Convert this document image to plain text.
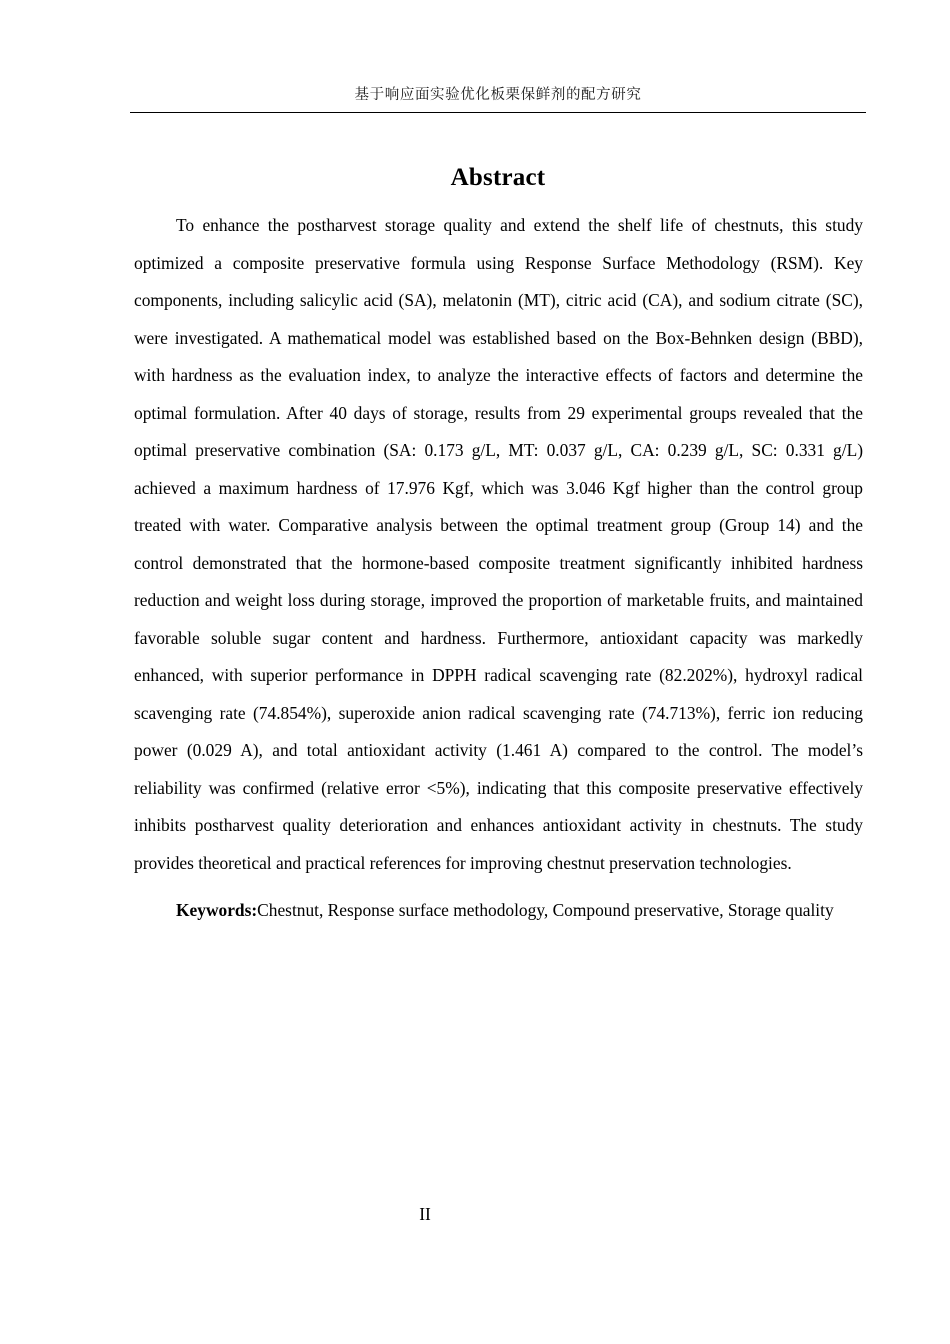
基于响应面实验优化板栗保鲜剂的配方研究
Abstract

To enhance the postharvest storage quality and extend the shelf life of chestnuts, this study optimized a composite preservative formula using Response Surface Methodology (RSM). Key components, including salicylic acid (SA), melatonin (MT), citric acid (CA), and sodium citrate (SC), were investigated. A mathematical model was established based on the Box-Behnken design (BBD), with hardness as the evaluation index, to analyze the interactive effects of factors and determine the optimal formulation. After 40 days of storage, results from 29 experimental groups revealed that the optimal preservative combination (SA: 0.173 g/L, MT: 0.037 g/L, CA: 0.239 g/L, SC: 0.331 g/L) achieved a maximum hardness of 17.976 Kgf, which was 3.046 Kgf higher than the control group treated with water. Comparative analysis between the optimal treatment group (Group 14) and the control demonstrated that the hormone-based composite treatment significantly inhibited hardness reduction and weight loss during storage, improved the proportion of marketable fruits, and maintained favorable soluble sugar content and hardness. Furthermore, antioxidant capacity was markedly enhanced, with superior performance in DPPH radical scavenging rate (82.202%), hydroxyl radical scavenging rate (74.854%), superoxide anion radical scavenging rate (74.713%), ferric ion reducing power (0.029 A), and total antioxidant activity (1.461 A) compared to the control. The model’s reliability was confirmed (relative error <5%), indicating that this composite preservative effectively inhibits postharvest quality deterioration and enhances antioxidant activity in chestnuts. The study provides theoretical and practical references for improving chestnut preservation technologies.

Keywords:Chestnut, Response surface methodology, Compound preservative, Storage quality

II
